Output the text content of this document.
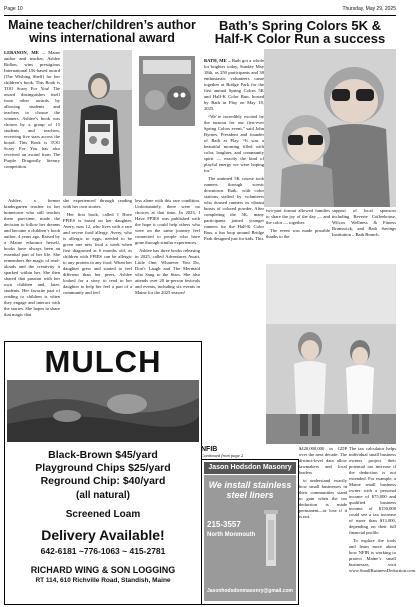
Page 10	Thursday, May 29, 2025
Maine teacher/children’s author wins international award

LEBANON, ME – Maine author and teacher, Ashlee Ridlon, wins prestigious International UK-based award (The Wishing Shelf) for her children’s book, This Book is TOO Scary For You! The award distinguishes itself from other awards by allowing students and teachers to choose the winners. Ashlee’s book was chosen by a group of 15 students and teachers, receiving five stars across the board. This Book is TOO Scary For You has also received an award from The Purple Dragonfly literary competition.

Ashlee, a former kindergarten teacher in her hometown who still teaches there part-time, made the decision to follow her dreams and become a children’s book author, 4 years ago. Raised by a Maine educator herself, books have always been an essential part of her life. She remembers the magic of read-alouds and the creativity it sparked within her. She then shared that passion with her own children and, later, students. Her favorite part of reading to children is when they engage and interact with the stories. She hopes to share that magic that

she experienced through reading with her own stories.

Her first book, called I Have FPIES is based on her daughter, Avery, now 12, who lives with a rare and severe food allergy. Avery, who is allergic to eggs, needed to be given one new food a week when first diagnosed at 6 months old, as children with FPIES can be allergic to any protein in any food. When her daughter grew and started to feel different than her peers, Ashlee looked for a story to read to her daughter to help her feel a part of a community and feel

less alone with this rare condition. Unfortunately, there were no choices at that time. In 2023, I Have FPIES was published with the hope it could help others who were on the same journey feel connected to people who have gone through similar experiences.

Ashlee has three books releasing in 2025, called Adventures Await, Little One; Whatever You Do, Don’t Laugh and The Mermaid who Sang to the Stars. She also attends over 20 in-person festivals and events, including six events in Maine for the 2025 season!

Bath’s Spring Colors 5K & Half-K Color Run a success

BATH, ME – Bath got a whole lot brighter today, Sunday May 18th, as 250 participants and 30 enthusiastic volunteers came together at Bridge Park for the first annual Spring Colors 5K and Half-K Color Run, hosted by Bath in Play on May 18, 2025.

“We’re incredibly excited by the turnout for our first-ever Spring Colors event,” said John Byrnes, President and founder of Bath at Play. “It was a beautiful morning filled with color, laughter, and community spirit — exactly the kind of playful energy we were hoping for.”

The untimed 5K course took runners through scenic downtown Bath, with color stations staffed by volunteers who doused runners in vibrant bursts of colored powder. After completing the 5K, many participants joined younger runners for the Half-K Color Run, a fun loop around Bridge Park designed just for kids. This

two-part format allowed families to share the joy of the day — and the color — together.

The event was made possible thanks to the

support of local sponsors including Reverie Coffeehouse, Wilcox Wellness & Fitness Brunswick, and Bath Savings Institution – Bath Branch.

MULCH
Black-Brown $45/yard
Playground Chips $25/yard
Reground Chip: $40/yard
(all natural)
Screened Loam
Delivery Available!
642-6181 ~776-1063 ~ 415-2781
RICHARD WING & SON LOGGING
RT 114, 610 Richville Road, Standish, Maine
NFIB
Continued from page 2

$420,000,000 in GDP over the next decade. The distinct-level data allow lawmakers and local leaders

to understand exactly how small businesses in their communities stand to gain when the tax deduction is made permanent—or lose if it is not.

The tax calculator helps individual small business owners project their potential tax increase if the deduction is not extended. For example, a Maine small business owner with a personal income of $75,000 and qualified business income of $150,000 could see a tax increase of more than $13,000, depending on their full financial profile.

To explore the tools and learn more about how NFIB is working to protect Maine’s small businesses, visit www.SmallBusinessDeduction.com.

Jason Hodsdon Masonry
We install stainless steel liners
215-3557
North Monmouth
Jasonhodsdonmasonry@gmail.com
